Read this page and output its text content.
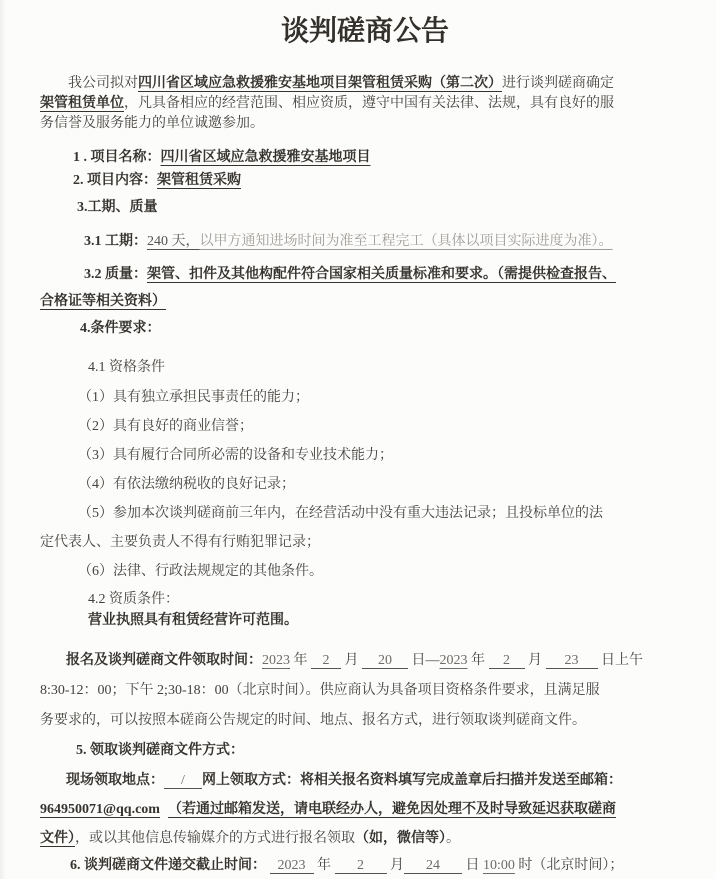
谈判磋商公告
我公司拟对四川省区域应急救援雅安基地项目架管租赁采购（第二次）进行谈判磋商确定
架管租赁单位，凡具备相应的经营范围、相应资质，遵守中国有关法律、法规，具有良好的服
务信誉及服务能力的单位诚邀参加。
1 . 项目名称：四川省区域应急救援雅安基地项目
2. 项目内容：架管租赁采购
3.工期、质量
3.1 工期：240 天，以甲方通知进场时间为准至工程完工（具体以项目实际进度为准）。
3.2 质量：架管、扣件及其他构配件符合国家相关质量标准和要求。（需提供检查报告、
合格证等相关资料）
4.条件要求：
4.1 资格条件
（1）具有独立承担民事责任的能力；
（2）具有良好的商业信誉；
（3）具有履行合同所必需的设备和专业技术能力；
（4）有依法缴纳税收的良好记录；
（5）参加本次谈判磋商前三年内，在经营活动中没有重大违法记录；且投标单位的法
定代表人、主要负责人不得有行贿犯罪记录；
（6）法律、行政法规规定的其他条件。
4.2 资质条件：
营业执照具有租赁经营许可范围。
报名及谈判磋商文件领取时间：2023 年 2 月 20 日—2023 年 2 月 23 日上午
8:30-12：00；下午 2;30-18：00（北京时间）。供应商认为具备项目资格条件要求，且满足服
务要求的，可以按照本磋商公告规定的时间、地点、报名方式，进行领取谈判磋商文件。
5. 领取谈判磋商文件方式：
现场领取地点： / 网上领取方式：将相关报名资料填写完成盖章后扫描并发送至邮箱：
964950071@qq.com （若通过邮箱发送，请电联经办人，避免因处理不及时导致延迟获取磋商
文件），或以其他信息传输媒介的方式进行报名领取（如，微信等）。
6. 谈判磋商文件递交截止时间： 2023 年 2 月 24 日 10:00 时（北京时间）；
